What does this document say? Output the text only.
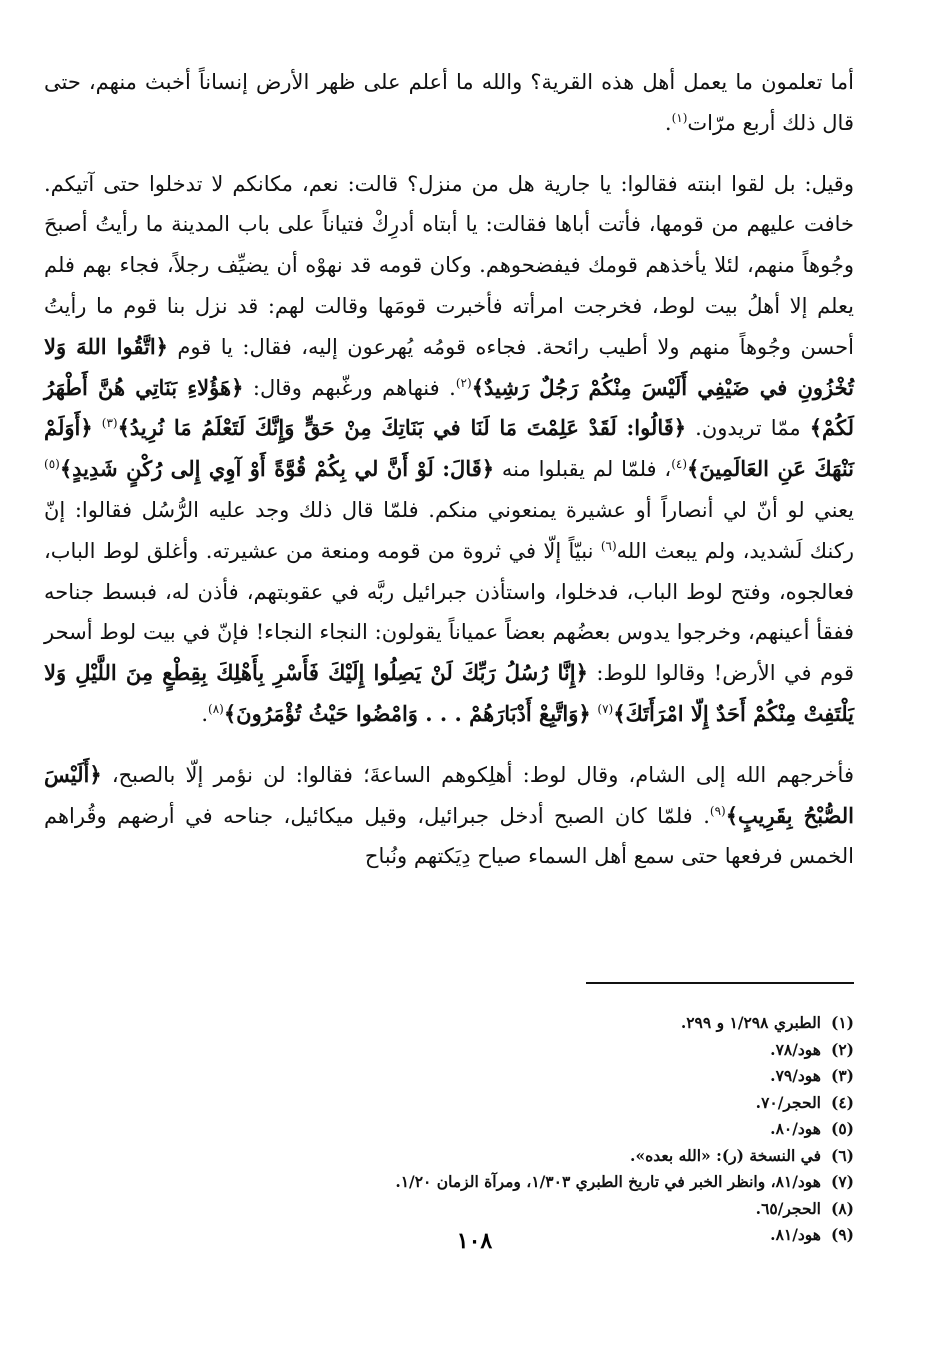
أما تعلمون ما يعمل أهل هذه القرية؟ والله ما أعلم على ظهر الأرض إنساناً أخبث منهم، حتى قال ذلك أربع مرّات$^{(١)}$.

وقيل: بل لقوا ابنته فقالوا: يا جارية هل من منزل؟ قالت: نعم، مكانكم لا تدخلوا حتى آتيكم. خافت عليهم من قومها، فأتت أباها فقالت: يا أبتاه أدرِكْ فتياناً على باب المدينة ما رأيتُ أصبحَ وجُوهاً منهم، لئلا يأخذهم قومك فيفضحوهم. وكان قومه قد نهوْه أن يضيِّف رجلاً، فجاء بهم فلم يعلم إلا أهلُ بيت لوط، فخرجت امرأته فأخبرت قومَها وقالت لهم: قد نزل بنا قوم ما رأيتُ أحسن وجُوهاً منهم ولا أطيب رائحة. فجاءه قومُه يُهرعون إليه، فقال: يا قوم ﴿اتَّقُوا اللهَ وَلا تُخْزُونِ في ضَيْفِي أَلَيْسَ مِنْكُمْ رَجُلٌ رَشِيدٌ﴾$^{(٢)}$. فنهاهم ورغّبهم وقال: ﴿هَؤُلاءِ بَنَاتِي هُنَّ أَطْهَرُ لَكُمْ﴾ ممّا تريدون. ﴿قَالُوا: لَقَدْ عَلِمْتَ مَا لَنَا في بَنَاتِكَ مِنْ حَقٍّ وَإِنَّكَ لَتَعْلَمُ مَا نُرِيدُ﴾$^{(٣)}$ ﴿أَوَلَمْ نَنْهَكَ عَنِ العَالَمِينَ﴾$^{(٤)}$، فلمّا لم يقبلوا منه ﴿قَالَ: لَوْ أَنَّ لي بِكُمْ قُوَّةً أَوْ آوِي إِلى رُكْنٍ شَدِيدٍ﴾$^{(٥)}$ يعني لو أنّ لي أنصاراً أو عشيرة يمنعوني منكم. فلمّا قال ذلك وجد عليه الرُّسُل فقالوا: إنّ ركنك لَشديد، ولم يبعث الله$^{(٦)}$ نبيّاً إلّا في ثروة من قومه ومنعة من عشيرته. وأغلق لوط الباب، فعالجوه، وفتح لوط الباب، فدخلوا، واستأذن جبرائيل ربَّه في عقوبتهم، فأذن له، فبسط جناحه ففقأ أعينهم، وخرجوا يدوس بعضُهم بعضاً عمياناً يقولون: النجاء النجاء! فإنّ في بيت لوط أسحر قوم في الأرض! وقالوا للوط: ﴿إِنَّا رُسُلُ رَبِّكَ لَنْ يَصِلُوا إِلَيْكَ فَأَسْرِ بِأَهْلِكَ بِقِطْعٍ مِنَ اللَّيْلِ وَلا يَلْتَفِتْ مِنْكُمْ أَحَدٌ إِلّا امْرَأَتَكَ﴾$^{(٧)}$ ﴿وَاتَّبِعْ أَدْبَارَهُمْ . . . وَامْضُوا حَيْثُ تُؤْمَرُونَ﴾$^{(٨)}$.

فأخرجهم الله إلى الشام، وقال لوط: أهلِكوهم الساعةَ؛ فقالوا: لن نؤمر إلّا بالصبح، ﴿أَلَيْسَ الصُّبْحُ بِقَرِيبٍ﴾$^{(٩)}$. فلمّا كان الصبح أدخل جبرائيل، وقيل ميكائيل، جناحه في أرضهم وقُراهم الخمس فرفعها حتى سمع أهل السماء صياح دِيَكتهم ونُباح

(١)الطبري ١/٢٩٨ و ٢٩٩.
(٢)هود/٧٨.
(٣)هود/٧٩.
(٤)الحجر/٧٠.
(٥)هود/٨٠.
(٦)في النسخة (ر): «الله بعده».
(٧)هود/٨١، وانظر الخبر في تاريخ الطبري ١/٣٠٣، ومرآة الزمان ١/٢٠.
(٨)الحجر/٦٥.
(٩)هود/٨١.
١٠٨
